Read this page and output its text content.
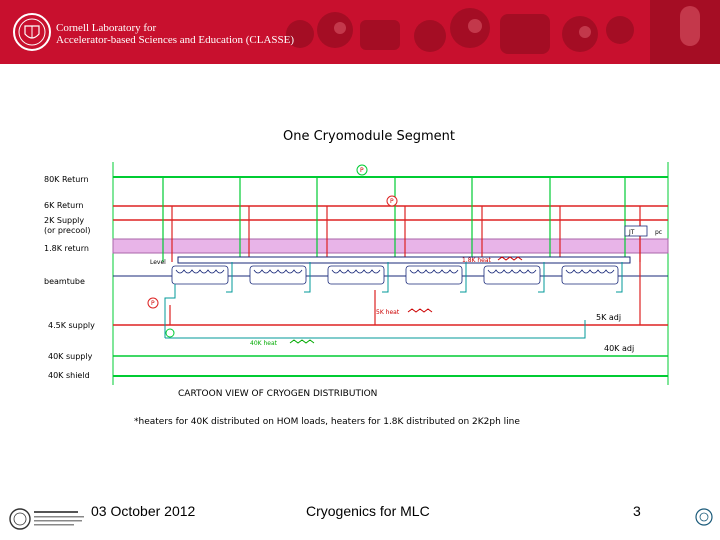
Cornell Laboratory for
Accelerator-based Sciences and Education (CLASSE)
One Cryomodule Segment
P
P
P
JT	pc
80K Return
6K Return
2K Supply
(or precool)
1.8K return
beamtube
4.5K supply
40K supply
40K shield
Level	1.8K heat
5K heat
40K heat
5K adj
40K adj
CARTOON VIEW OF CRYOGEN DISTRIBUTION
*heaters for 40K distributed on HOM loads, heaters for 1.8K distributed on 2K2ph line
03 October 2012	Cryogenics for MLC	3
